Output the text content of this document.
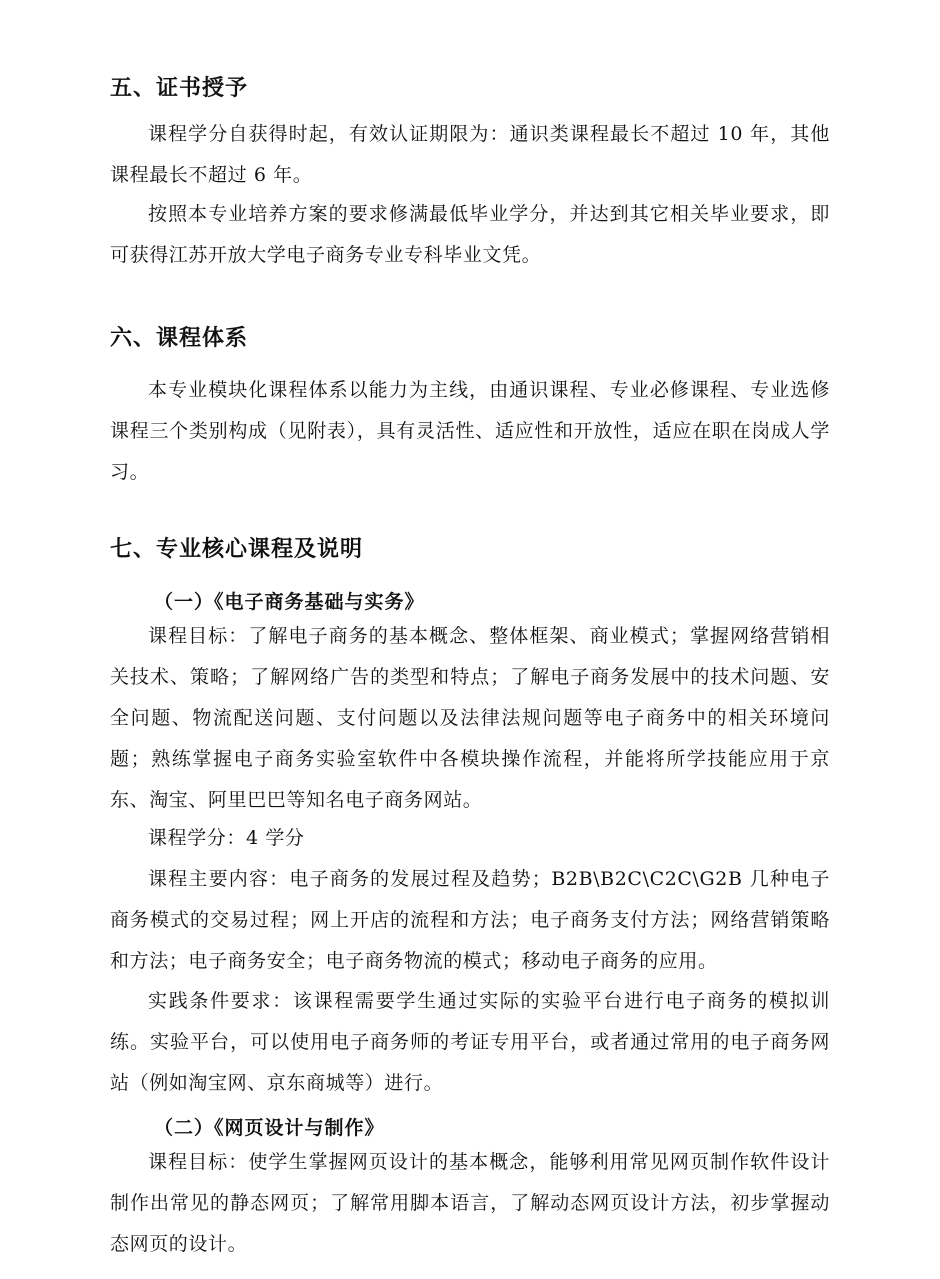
五、证书授予

课程学分自获得时起，有效认证期限为：通识类课程最长不超过 10 年，其他课程最长不超过 6 年。

按照本专业培养方案的要求修满最低毕业学分，并达到其它相关毕业要求，即可获得江苏开放大学电子商务专业专科毕业文凭。

六、课程体系

本专业模块化课程体系以能力为主线，由通识课程、专业必修课程、专业选修课程三个类别构成（见附表），具有灵活性、适应性和开放性，适应在职在岗成人学习。

七、专业核心课程及说明
（一）《电子商务基础与实务》

课程目标：了解电子商务的基本概念、整体框架、商业模式；掌握网络营销相关技术、策略；了解网络广告的类型和特点；了解电子商务发展中的技术问题、安全问题、物流配送问题、支付问题以及法律法规问题等电子商务中的相关环境问题；熟练掌握电子商务实验室软件中各模块操作流程，并能将所学技能应用于京东、淘宝、阿里巴巴等知名电子商务网站。

课程学分：4 学分

课程主要内容：电子商务的发展过程及趋势；B2B\B2C\C2C\G2B 几种电子商务模式的交易过程；网上开店的流程和方法；电子商务支付方法；网络营销策略和方法；电子商务安全；电子商务物流的模式；移动电子商务的应用。

实践条件要求：该课程需要学生通过实际的实验平台进行电子商务的模拟训练。实验平台，可以使用电子商务师的考证专用平台，或者通过常用的电子商务网站（例如淘宝网、京东商城等）进行。

（二）《网页设计与制作》

课程目标：使学生掌握网页设计的基本概念，能够利用常见网页制作软件设计制作出常见的静态网页；了解常用脚本语言，了解动态网页设计方法，初步掌握动态网页的设计。
